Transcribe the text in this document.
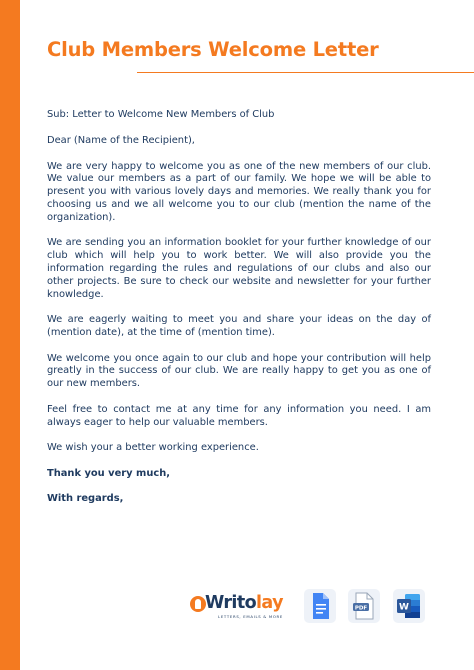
Club Members Welcome Letter

Sub: Letter to Welcome New Members of Club

Dear (Name of the Recipient),

We are very happy to welcome you as one of the new members of our club. We value our members as a part of our family. We hope we will be able to present you with various lovely days and memories. We really thank you for choosing us and we all welcome you to our club (mention the name of the organization).

We are sending you an information booklet for your further knowledge of our club which will help you to work better. We will also provide you the information regarding the rules and regulations of our clubs and also our other projects. Be sure to check our website and newsletter for your further knowledge.

We are eagerly waiting to meet you and share your ideas on the day of (mention date), at the time of (mention time).

We welcome you once again to our club and hope your contribution will help greatly in the success of our club. We are really happy to get you as one of our new members.

Feel free to contact me at any time for any information you need. I am always eager to help our valuable members.

We wish your a better working experience.

Thank you very much,

With regards,

Writolay
LETTERS, EMAILS & MORE
PDF	W
